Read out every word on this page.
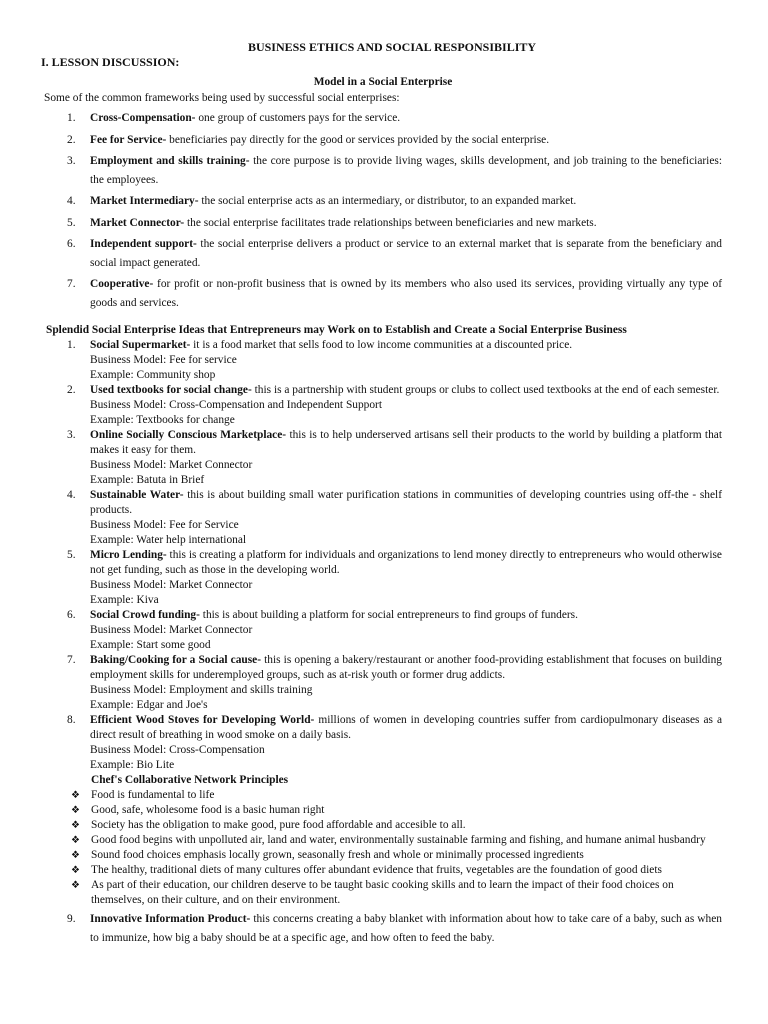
BUSINESS ETHICS AND SOCIAL RESPONSIBILITY
I. LESSON DISCUSSION:
Model in a Social Enterprise
Some of the common frameworks being used by successful social enterprises:
1. Cross-Compensation- one group of customers pays for the service.
2. Fee for Service- beneficiaries pay directly for the good or services provided by the social enterprise.
3. Employment and skills training- the core purpose is to provide living wages, skills development, and job training to the beneficiaries: the employees.
4. Market Intermediary- the social enterprise acts as an intermediary, or distributor, to an expanded market.
5. Market Connector- the social enterprise facilitates trade relationships between beneficiaries and new markets.
6. Independent support- the social enterprise delivers a product or service to an external market that is separate from the beneficiary and social impact generated.
7. Cooperative- for profit or non-profit business that is owned by its members who also used its services, providing virtually any type of goods and services.
Splendid Social Enterprise Ideas that Entrepreneurs may Work on to Establish and Create a Social Enterprise Business
1. Social Supermarket- it is a food market that sells food to low income communities at a discounted price.
Business Model: Fee for service
Example: Community shop
2. Used textbooks for social change- this is a partnership with student groups or clubs to collect used textbooks at the end of each semester.
Business Model: Cross-Compensation and Independent Support
Example: Textbooks for change
3. Online Socially Conscious Marketplace- this is to help underserved artisans sell their products to the world by building a platform that makes it easy for them.
Business Model: Market Connector
Example: Batuta in Brief
4. Sustainable Water- this is about building small water purification stations in communities of developing countries using off-the - shelf products.
Business Model: Fee for Service
Example: Water help international
5. Micro Lending- this is creating a platform for individuals and organizations to lend money directly to entrepreneurs who would otherwise not get funding, such as those in the developing world.
Business Model: Market Connector
Example: Kiva
6. Social Crowd funding- this is about building a platform for social entrepreneurs to find groups of funders.
Business Model: Market Connector
Example: Start some good
7. Baking/Cooking for a Social cause- this is opening a bakery/restaurant or another food-providing establishment that focuses on building employment skills for underemployed groups, such as at-risk youth or former drug addicts.
Business Model: Employment and skills training
Example: Edgar and Joe's
8. Efficient Wood Stoves for Developing World- millions of women in developing countries suffer from cardiopulmonary diseases as a direct result of breathing in wood smoke on a daily basis.
Business Model: Cross-Compensation
Example: Bio Lite
Chef's Collaborative Network Principles
❖ Food is fundamental to life
❖ Good, safe, wholesome food is a basic human right
❖ Society has the obligation to make good, pure food affordable and accesible to all.
❖ Good food begins with unpolluted air, land and water, environmentally sustainable farming and fishing, and humane animal husbandry
❖ Sound food choices emphasis locally grown, seasonally fresh and whole or minimally processed ingredients
❖ The healthy, traditional diets of many cultures offer abundant evidence that fruits, vegetables are the foundation of good diets
❖ As part of their education, our children deserve to be taught basic cooking skills and to learn the impact of their food choices on themselves, on their culture, and on their environment.
9. Innovative Information Product- this concerns creating a baby blanket with information about how to take care of a baby, such as when to immunize, how big a baby should be at a specific age, and how often to feed the baby.
